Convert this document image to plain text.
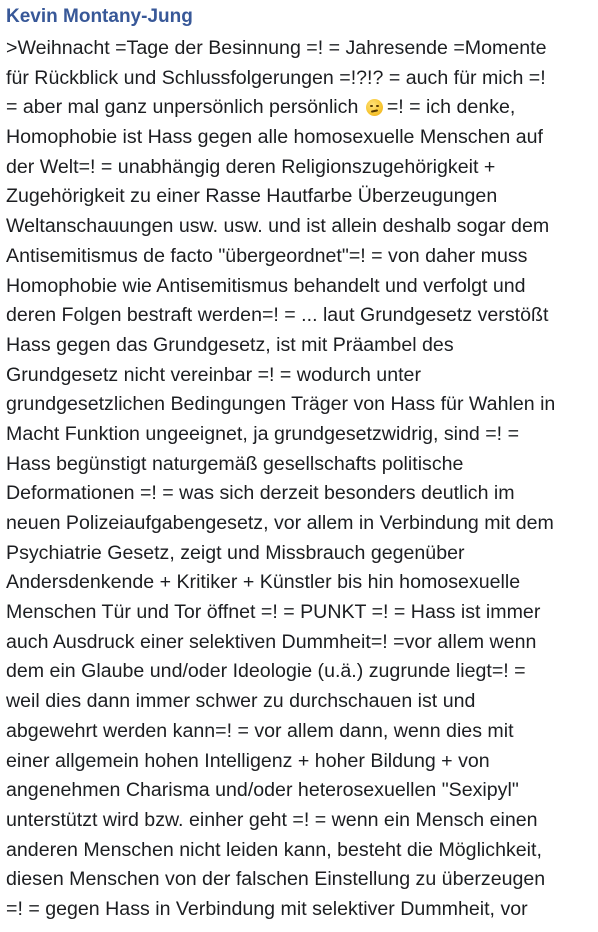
Kevin Montany-Jung
>Weihnacht =Tage der Besinnung =! = Jahresende =Momente
für Rückblick und Schlussfolgerungen =!?!? = auch für mich =!
= aber mal ganz unpersönlich persönlich =! = ich denke,
Homophobie ist Hass gegen alle homosexuelle Menschen auf
der Welt=! = unabhängig deren Religionszugehörigkeit +
Zugehörigkeit zu einer Rasse Hautfarbe Überzeugungen
Weltanschauungen usw. usw. und ist allein deshalb sogar dem
Antisemitismus de facto "übergeordnet"=! = von daher muss
Homophobie wie Antisemitismus behandelt und verfolgt und
deren Folgen bestraft werden=! = ... laut Grundgesetz verstößt
Hass gegen das Grundgesetz, ist mit Präambel des
Grundgesetz nicht vereinbar =! = wodurch unter
grundgesetzlichen Bedingungen Träger von Hass für Wahlen in
Macht Funktion ungeeignet, ja grundgesetzwidrig, sind =! =
Hass begünstigt naturgemäß gesellschafts politische
Deformationen =! = was sich derzeit besonders deutlich im
neuen Polizeiaufgabengesetz, vor allem in Verbindung mit dem
Psychiatrie Gesetz, zeigt und Missbrauch gegenüber
Andersdenkende + Kritiker + Künstler bis hin homosexuelle
Menschen Tür und Tor öffnet =! = PUNKT =! = Hass ist immer
auch Ausdruck einer selektiven Dummheit=! =vor allem wenn
dem ein Glaube und/oder Ideologie (u.ä.) zugrunde liegt=! =
weil dies dann immer schwer zu durchschauen ist und
abgewehrt werden kann=! = vor allem dann, wenn dies mit
einer allgemein hohen Intelligenz + hoher Bildung + von
angenehmen Charisma und/oder heterosexuellen "Sexipyl"
unterstützt wird bzw. einher geht =! = wenn ein Mensch einen
anderen Menschen nicht leiden kann, besteht die Möglichkeit,
diesen Menschen von der falschen Einstellung zu überzeugen
=! = gegen Hass in Verbindung mit selektiver Dummheit, vor
